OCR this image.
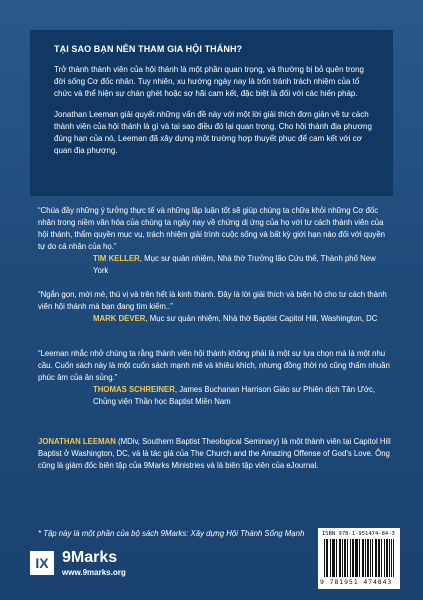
TẠI SAO BẠN NÊN THAM GIA HỘI THÁNH?

Trở thành thành viên của hội thánh là một phần quan trọng, và thường bị bỏ quên trong đời sống Cơ đốc nhân. Tuy nhiên, xu hướng ngày nay là trốn tránh trách nhiệm của tổ chức và thể hiện sự chán ghét hoặc sợ hãi cam kết, đặc biệt là đối với các hiến pháp.

Jonathan Leeman giải quyết những vấn đề này với một lời giải thích đơn giản về tư cách thành viên của hội thánh là gì và tại sao điều đó lại quan trọng. Cho hội thánh địa phương đúng hạn của nó, Leeman đã xây dựng một trường hợp thuyết phục để cam kết với cơ quan địa phương.

“Chúa đầy những ý tưởng thực tế và những lập luận tốt sẽ giúp chúng ta chữa khỏi những Cơ đốc nhân trong niềm văn hóa của chúng ta ngày nay về chứng dị ứng của họ với tư cách thành viên của hội thánh, thẩm quyền mục vụ, trách nhiệm giải trình cuộc sống và bất kỳ giới hạn nào đối với quyền tự do cá nhân của họ.”
TIM KELLER, Mục sư quản nhiệm, Nhà thờ Trưởng lão Cứu thế, Thành phố New York
“Ngắn gọn, mới mẻ, thú vị và trên hết là kinh thánh. Đây là lời giải thích và biện hộ cho tư cách thành viên hội thánh mà bạn đang tìm kiếm..”
MARK DEVER, Mục sư quản nhiệm, Nhà thờ Baptist Capitol Hill, Washington, DC
“Leeman nhắc nhở chúng ta rằng thành viên hội thánh không phải là một sự lựa chọn mà là một nhu cầu. Cuốn sách này là một cuốn sách mạnh mẽ và khiêu khích, nhưng đồng thời nó cũng thấm nhuần phúc âm của ân sủng.”
THOMAS SCHREINER, James Buchanan Harrison Giáo sư Phiên dịch Tân Ước, Chủng viện Thần học Baptist Miền Nam
JONATHAN LEEMAN (MDiv, Southern Baptist Theological Seminary) là một thành viên tại Capitol Hill Baptist ở Washington, DC, và là tác giả của The Church and the Amazing Offense of God's Love. Ông cũng là giám đốc biên tập của 9Marks Ministries và là biên tập viên của eJournal.
* Tập này là một phần của bộ sách 9Marks: Xây dựng Hội Thánh Sống Mạnh
IX 9Marks
www.9marks.org
ISBN 978-1-951474-84-3
9 781951 474843
